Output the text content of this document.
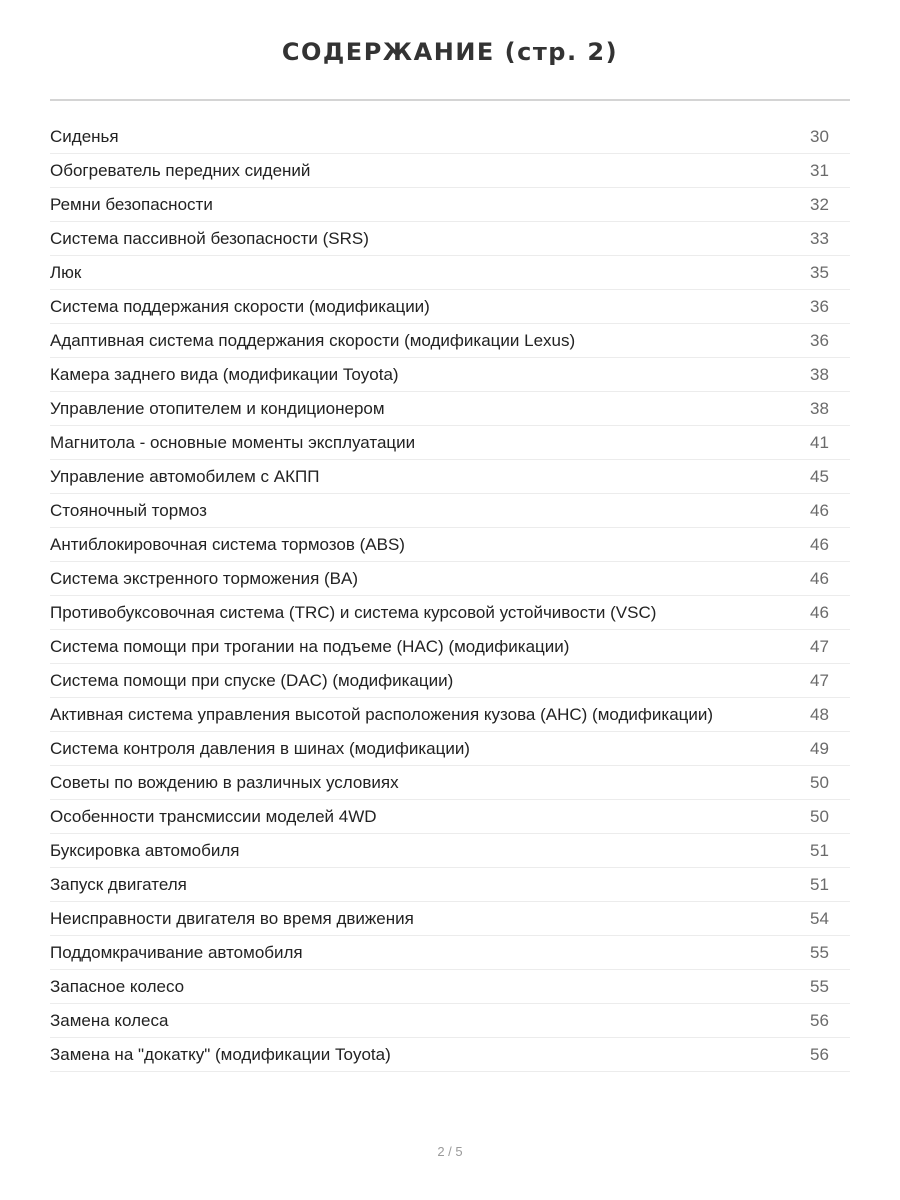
СОДЕРЖАНИЕ (стр. 2)
Сиденья	30
Обогреватель передних сидений	31
Ремни безопасности	32
Система пассивной безопасности (SRS)	33
Люк	35
Система поддержания скорости (модификации)	36
Адаптивная система поддержания скорости (модификации Lexus)	36
Камера заднего вида (модификации Toyota)	38
Управление отопителем и кондиционером	38
Магнитола - основные моменты эксплуатации	41
Управление автомобилем с АКПП	45
Стояночный тормоз	46
Антиблокировочная система тормозов (ABS)	46
Система экстренного торможения (BA)	46
Противобуксовочная система (TRC) и система курсовой устойчивости (VSC)	46
Система помощи при трогании на подъеме (HAC) (модификации)	47
Система помощи при спуске (DAC) (модификации)	47
Активная система управления высотой расположения кузова (AHC) (модификации)	48
Система контроля давления в шинах (модификации)	49
Советы по вождению в различных условиях	50
Особенности трансмиссии моделей 4WD	50
Буксировка автомобиля	51
Запуск двигателя	51
Неисправности двигателя во время движения	54
Поддомкрачивание автомобиля	55
Запасное колесо	55
Замена колеса	56
Замена на "докатку" (модификации Toyota)	56
2 / 5
